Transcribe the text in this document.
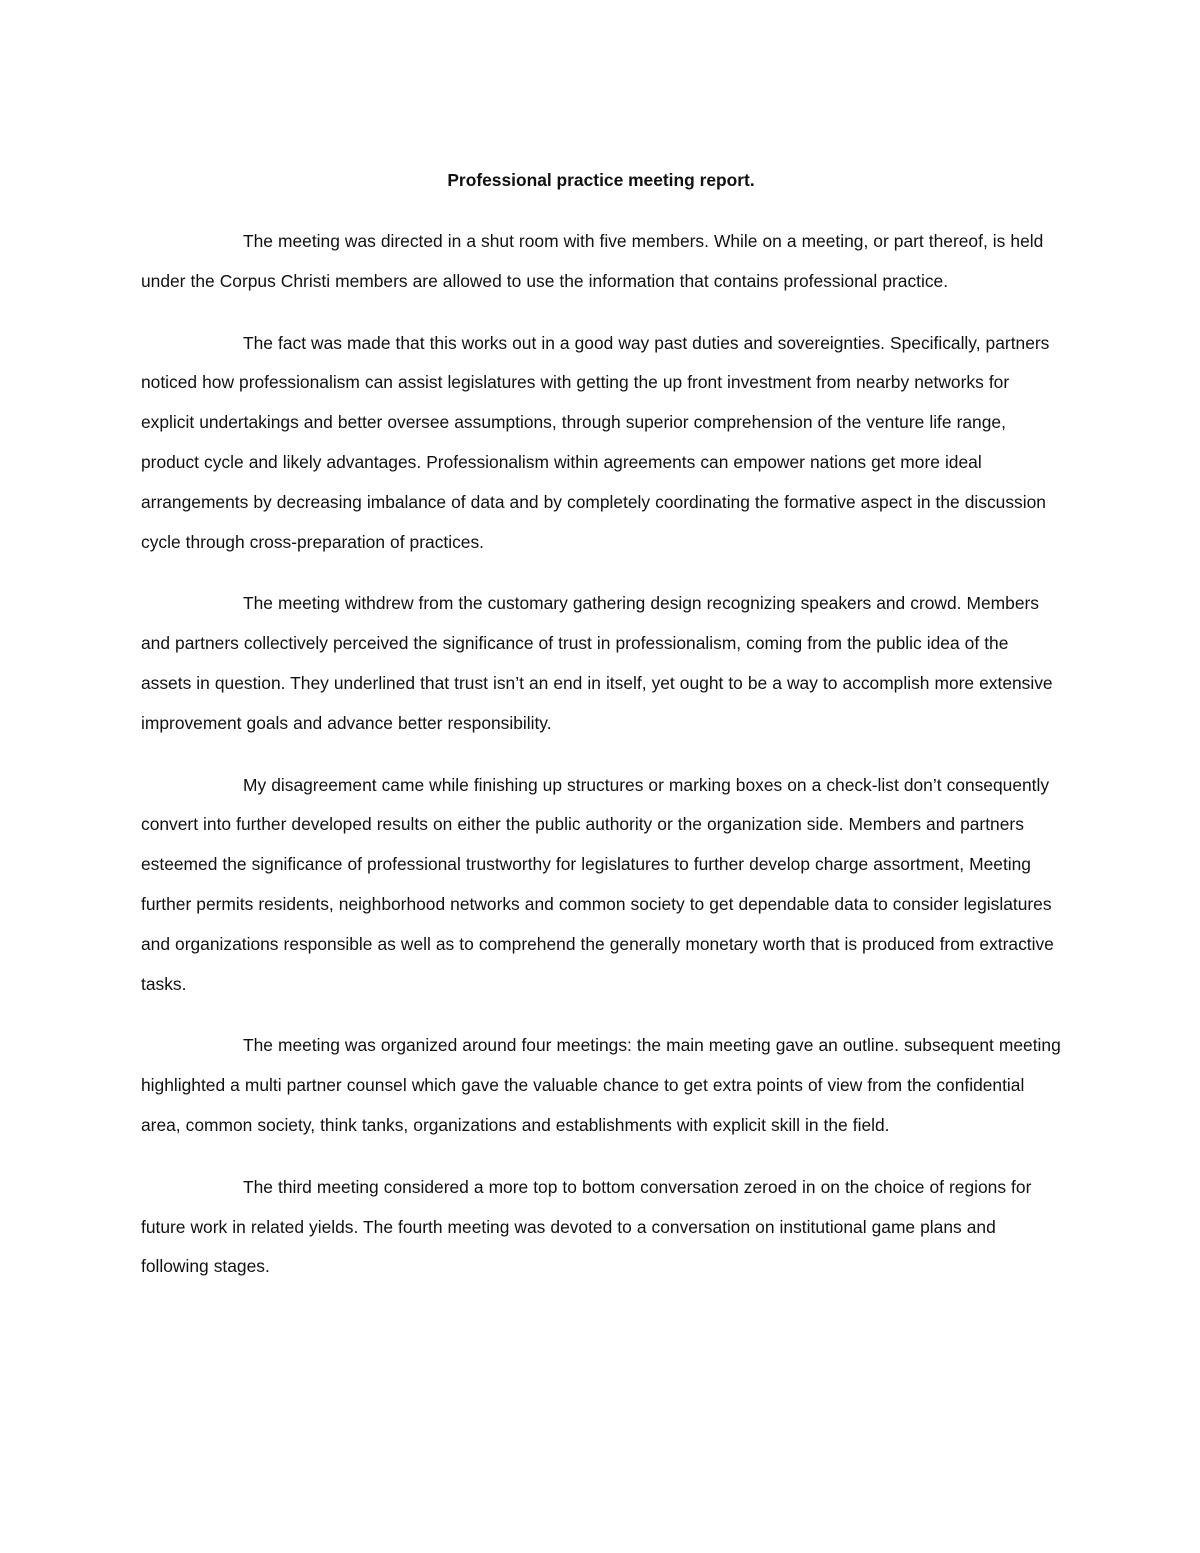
Professional practice meeting report.

The meeting was directed in a shut room with five members. While on a meeting, or part thereof, is held under the Corpus Christi members are allowed to use the information that contains professional practice.

The fact was made that this works out in a good way past duties and sovereignties. Specifically, partners noticed how professionalism can assist legislatures with getting the up front investment from nearby networks for explicit undertakings and better oversee assumptions, through superior comprehension of the venture life range, product cycle and likely advantages. Professionalism within agreements can empower nations get more ideal arrangements by decreasing imbalance of data and by completely coordinating the formative aspect in the discussion cycle through cross-preparation of practices.

The meeting withdrew from the customary gathering design recognizing speakers and crowd. Members and partners collectively perceived the significance of trust in professionalism, coming from the public idea of the assets in question. They underlined that trust isn’t an end in itself, yet ought to be a way to accomplish more extensive improvement goals and advance better responsibility.

My disagreement came while finishing up structures or marking boxes on a check-list don’t consequently convert into further developed results on either the public authority or the organization side. Members and partners esteemed the significance of professional trustworthy for legislatures to further develop charge assortment, Meeting further permits residents, neighborhood networks and common society to get dependable data to consider legislatures and organizations responsible as well as to comprehend the generally monetary worth that is produced from extractive tasks.

The meeting was organized around four meetings: the main meeting gave an outline. subsequent meeting highlighted a multi partner counsel which gave the valuable chance to get extra points of view from the confidential area, common society, think tanks, organizations and establishments with explicit skill in the field.

The third meeting considered a more top to bottom conversation zeroed in on the choice of regions for future work in related yields. The fourth meeting was devoted to a conversation on institutional game plans and following stages.
